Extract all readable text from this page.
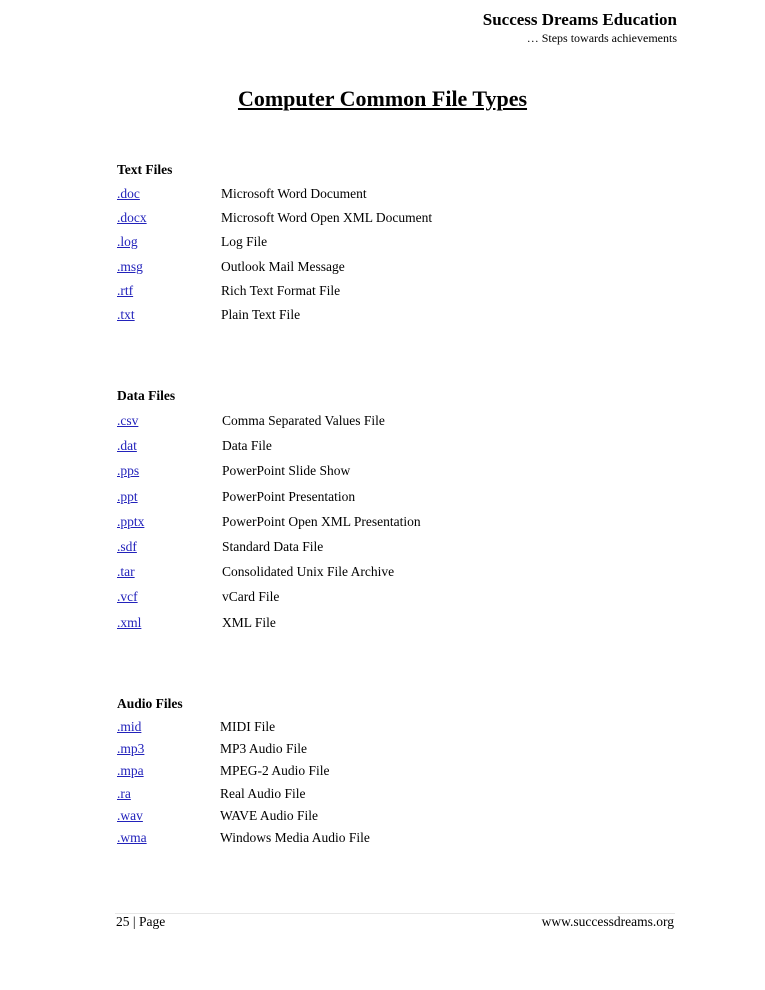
Success Dreams Education
… Steps towards achievements
Computer Common File Types
Text Files
.doc	Microsoft Word Document
.docx	Microsoft Word Open XML Document
.log	Log File
.msg	Outlook Mail Message
.rtf	Rich Text Format File
.txt	Plain Text File
Data Files
.csv	Comma Separated Values File
.dat	Data File
.pps	PowerPoint Slide Show
.ppt	PowerPoint Presentation
.pptx	PowerPoint Open XML Presentation
.sdf	Standard Data File
.tar	Consolidated Unix File Archive
.vcf	vCard File
.xml	XML File
Audio Files
.mid	MIDI File
.mp3	MP3 Audio File
.mpa	MPEG-2 Audio File
.ra	Real Audio File
.wav	WAVE Audio File
.wma	Windows Media Audio File
25 | Page	www.successdreams.org
